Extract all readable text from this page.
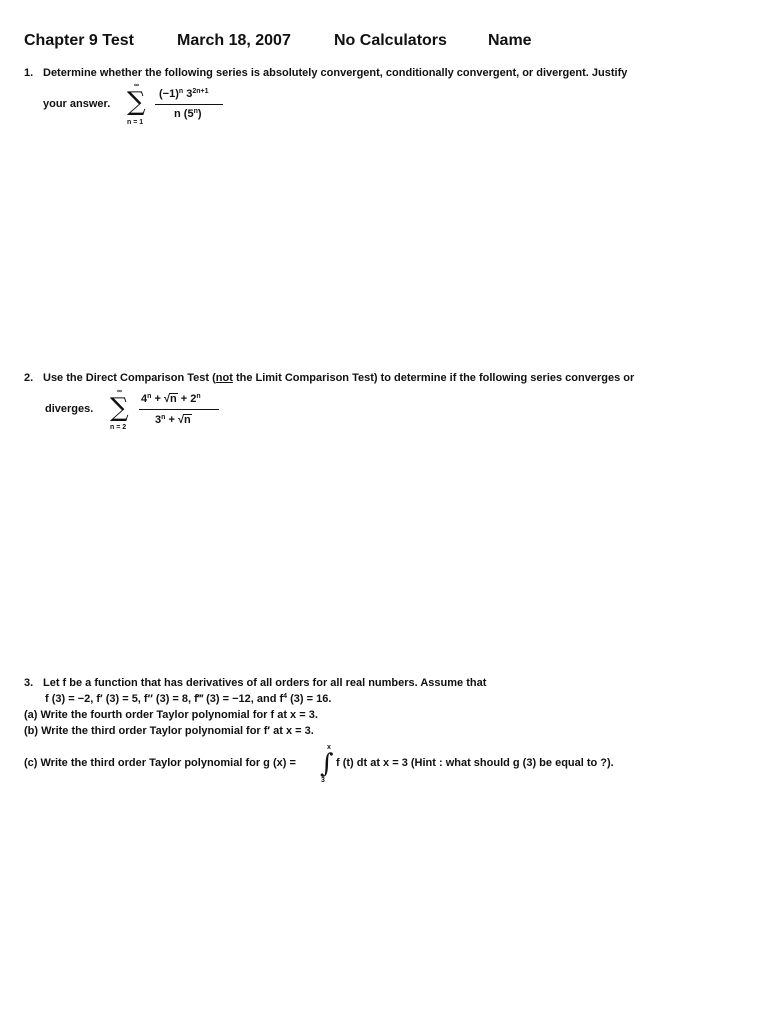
Chapter 9 Test	March 18, 2007	No Calculators	Name
1. Determine whether the following series is absolutely convergent, conditionally convergent, or divergent. Justify
your answer.
∞
∑
n = 1
$(-1)^n$ $3^{2n+1}$
n (5$^n$)
2. Use the Direct Comparison Test (not the Limit Comparison Test) to determine if the following series converges or
diverges.
∞
∑
n = 2
$4^n + √n + 2^n$
$3^n + √n$
3. Let f be a function that has derivatives of all orders for all real numbers. Assume that
f (3) = −2, f′ (3) = 5, f″ (3) = 8, f‴ (3) = −12, and $f^4$ (3) = 16.
(a) Write the fourth order Taylor polynomial for f at x = 3.
(b) Write the third order Taylor polynomial for f′ at x = 3.
(c) Write the third order Taylor polynomial for g (x) =
x
∫
3
f (t) dt at x = 3 (Hint : what should g (3) be equal to ?).
